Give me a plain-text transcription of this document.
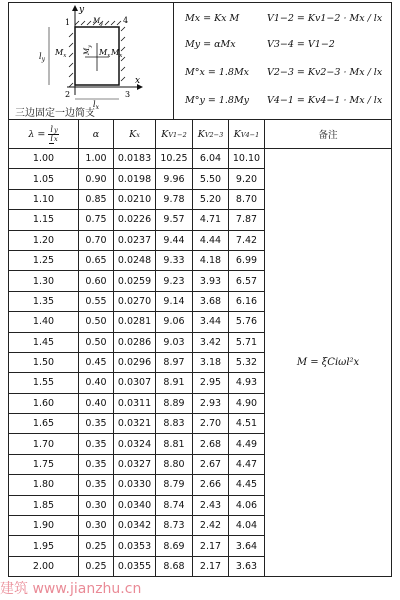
y
x
1	4
2	3
$l_y$
$l_x$
$M_x$
$M_y$
$M_x$	$M_x$
$M_y$
三边固定一边简支
Mx = Kx M
My = αMx
M°x = 1.8Mx
M°y = 1.8My
V1−2 = Kv1−2 · Mx / lx
V3−4 = V1−2
V2−3 = Kv2−3 · Mx / lx
V4−1 = Kv4−1 · Mx / lx
$\lambda = \frac{ly}{lx}$	α	Kx	KV1−2	KV2−3	KV4−1	备注
1.00	1.00	0.0183	10.25	6.04	10.10	M = ξCiωl²x
1.05	0.90	0.0198	9.96	5.50	9.20	
1.10	0.85	0.0210	9.78	5.20	8.70	
1.15	0.75	0.0226	9.57	4.71	7.87	
1.20	0.70	0.0237	9.44	4.44	7.42	
1.25	0.65	0.0248	9.33	4.18	6.99	
1.30	0.60	0.0259	9.23	3.93	6.57	
1.35	0.55	0.0270	9.14	3.68	6.16	
1.40	0.50	0.0281	9.06	3.44	5.76	
1.45	0.50	0.0286	9.03	3.42	5.71	
1.50	0.45	0.0296	8.97	3.18	5.32	
1.55	0.40	0.0307	8.91	2.95	4.93	
1.60	0.40	0.0311	8.89	2.93	4.90	
1.65	0.35	0.0321	8.83	2.70	4.51	
1.70	0.35	0.0324	8.81	2.68	4.49	
1.75	0.35	0.0327	8.80	2.67	4.47	
1.80	0.35	0.0330	8.79	2.66	4.45	
1.85	0.30	0.0340	8.74	2.43	4.06	
1.90	0.30	0.0342	8.73	2.42	4.04	
1.95	0.25	0.0353	8.69	2.17	3.64	
2.00	0.25	0.0355	8.68	2.17	3.63	
建筑 www.jianzhu.cn
